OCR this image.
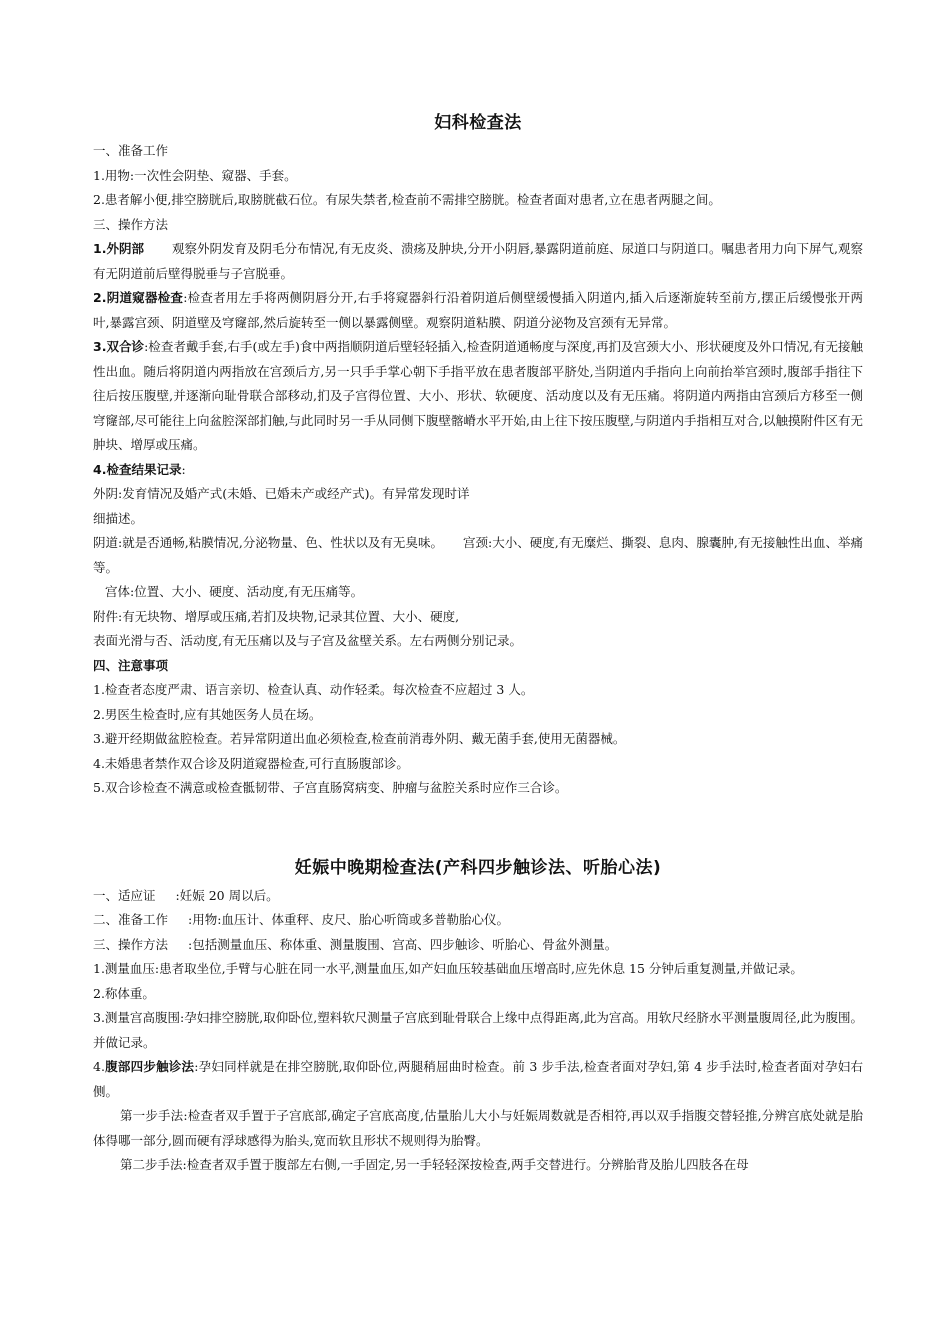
妇科检查法

一、准备工作

1.用物:一次性会阴垫、窥器、手套。

2.患者解小便,排空膀胱后,取膀胱截石位。有尿失禁者,检查前不需排空膀胱。检查者面对患者,立在患者两腿之间。

三、操作方法

1.外阴部 观察外阴发育及阴毛分布情况,有无皮炎、溃疡及肿块,分开小阴唇,暴露阴道前庭、尿道口与阴道口。嘱患者用力向下屏气,观察有无阴道前后壁得脱垂与子宫脱垂。

2.阴道窥器检查:检查者用左手将两侧阴唇分开,右手将窥器斜行沿着阴道后侧壁缓慢插入阴道内,插入后逐渐旋转至前方,摆正后缓慢张开两叶,暴露宫颈、阴道壁及穹窿部,然后旋转至一侧以暴露侧壁。观察阴道粘膜、阴道分泌物及宫颈有无异常。

3.双合诊:检查者戴手套,右手(或左手)食中两指顺阴道后壁轻轻插入,检查阴道通畅度与深度,再扪及宫颈大小、形状硬度及外口情况,有无接触性出血。随后将阴道内两指放在宫颈后方,另一只手手掌心朝下手指平放在患者腹部平脐处,当阴道内手指向上向前抬举宫颈时,腹部手指往下往后按压腹壁,并逐渐向耻骨联合部移动,扪及子宫得位置、大小、形状、软硬度、活动度以及有无压痛。将阴道内两指由宫颈后方移至一侧穹窿部,尽可能往上向盆腔深部扪触,与此同时另一手从同侧下腹壁髂嵴水平开始,由上往下按压腹壁,与阴道内手指相互对合,以触摸附件区有无肿块、增厚或压痛。

4.检查结果记录:

外阴:发育情况及婚产式(未婚、已婚未产或经产式)。有异常发现时详

细描述。

阴道:就是否通畅,粘膜情况,分泌物量、色、性状以及有无臭味。 宫颈:大小、硬度,有无糜烂、撕裂、息肉、腺囊肿,有无接触性出血、举痛等。

宫体:位置、大小、硬度、活动度,有无压痛等。

附件:有无块物、增厚或压痛,若扪及块物,记录其位置、大小、硬度,

表面光滑与否、活动度,有无压痛以及与子宫及盆壁关系。左右两侧分别记录。

四、注意事项

1.检查者态度严肃、语言亲切、检查认真、动作轻柔。每次检查不应超过 3 人。

2.男医生检查时,应有其她医务人员在场。

3.避开经期做盆腔检查。若异常阴道出血必须检查,检查前消毒外阴、戴无菌手套,使用无菌器械。

4.未婚患者禁作双合诊及阴道窥器检查,可行直肠腹部诊。

5.双合诊检查不满意或检查骶韧带、子宫直肠窝病变、肿瘤与盆腔关系时应作三合诊。

妊娠中晚期检查法(产科四步触诊法、听胎心法)

一、适应证 :妊娠 20 周以后。

二、准备工作 :用物:血压计、体重秤、皮尺、胎心听筒或多普勒胎心仪。

三、操作方法 :包括测量血压、称体重、测量腹围、宫高、四步触诊、听胎心、骨盆外测量。

1.测量血压:患者取坐位,手臂与心脏在同一水平,测量血压,如产妇血压较基础血压增高时,应先休息 15 分钟后重复测量,并做记录。

2.称体重。

3.测量宫高腹围:孕妇排空膀胱,取仰卧位,塑料软尺测量子宫底到耻骨联合上缘中点得距离,此为宫高。用软尺经脐水平测量腹周径,此为腹围。并做记录。

4.腹部四步触诊法:孕妇同样就是在排空膀胱,取仰卧位,两腿稍屈曲时检查。前 3 步手法,检查者面对孕妇,第 4 步手法时,检查者面对孕妇右侧。

第一步手法:检查者双手置于子宫底部,确定子宫底高度,估量胎儿大小与妊娠周数就是否相符,再以双手指腹交替轻推,分辨宫底处就是胎体得哪一部分,圆而硬有浮球感得为胎头,宽而软且形状不规则得为胎臀。

第二步手法:检查者双手置于腹部左右侧,一手固定,另一手轻轻深按检查,两手交替进行。分辨胎背及胎儿四肢各在母
